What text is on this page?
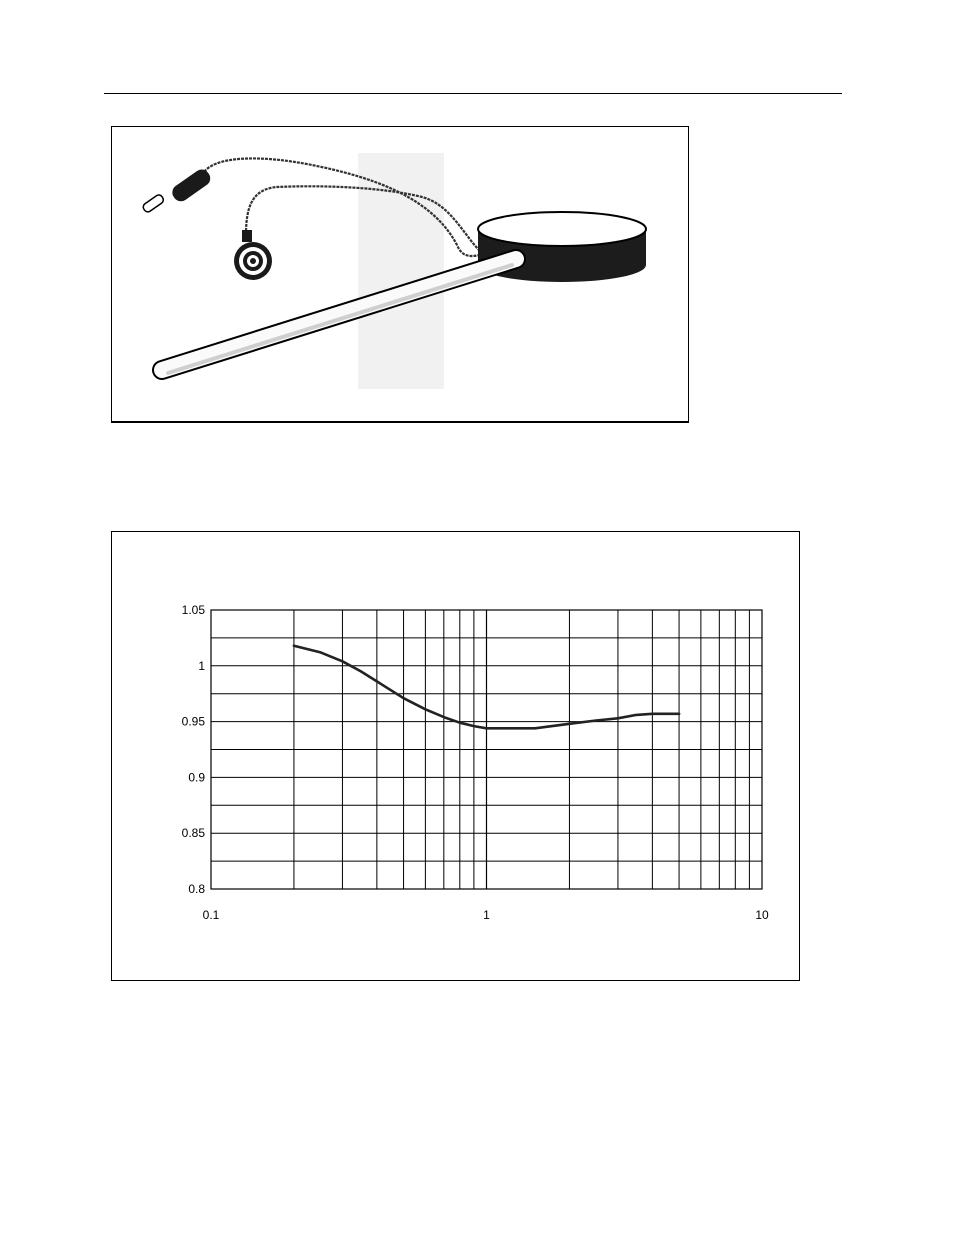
0.8
0.85
0.9
0.95
1
1.05
0.1	1	10
